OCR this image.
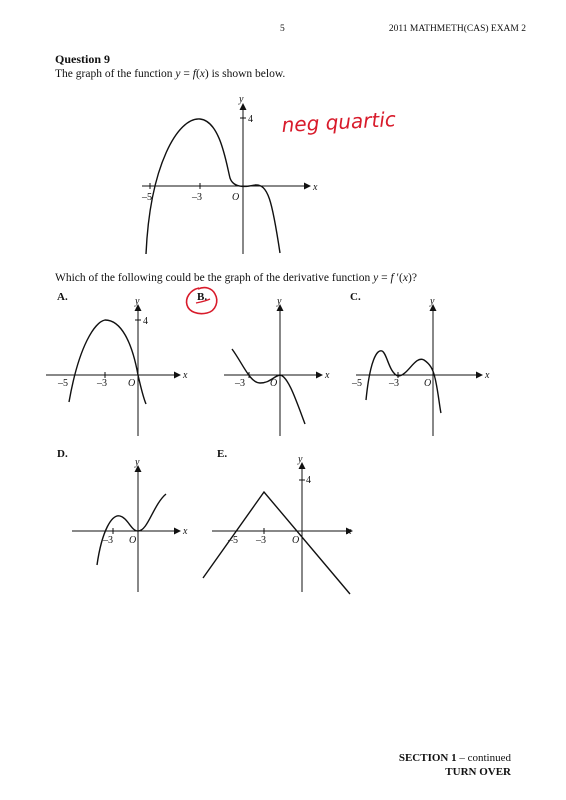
5	2011 MATHMETH(CAS) EXAM 2
Question 9
The graph of the function y = f(x) is shown below.
Which of the following could be the graph of the derivative function y = f ′(x)?
A.	B.	C.
D.	E.
y
x
4
–5	–3	O
y
x
4
–5	–3 O
y
x
–3	O
y
x
–5	–3	O
y
x
–3 O
y
x
4
–5 –3	O
neg quartic
SECTION 1 – continued
TURN OVER
